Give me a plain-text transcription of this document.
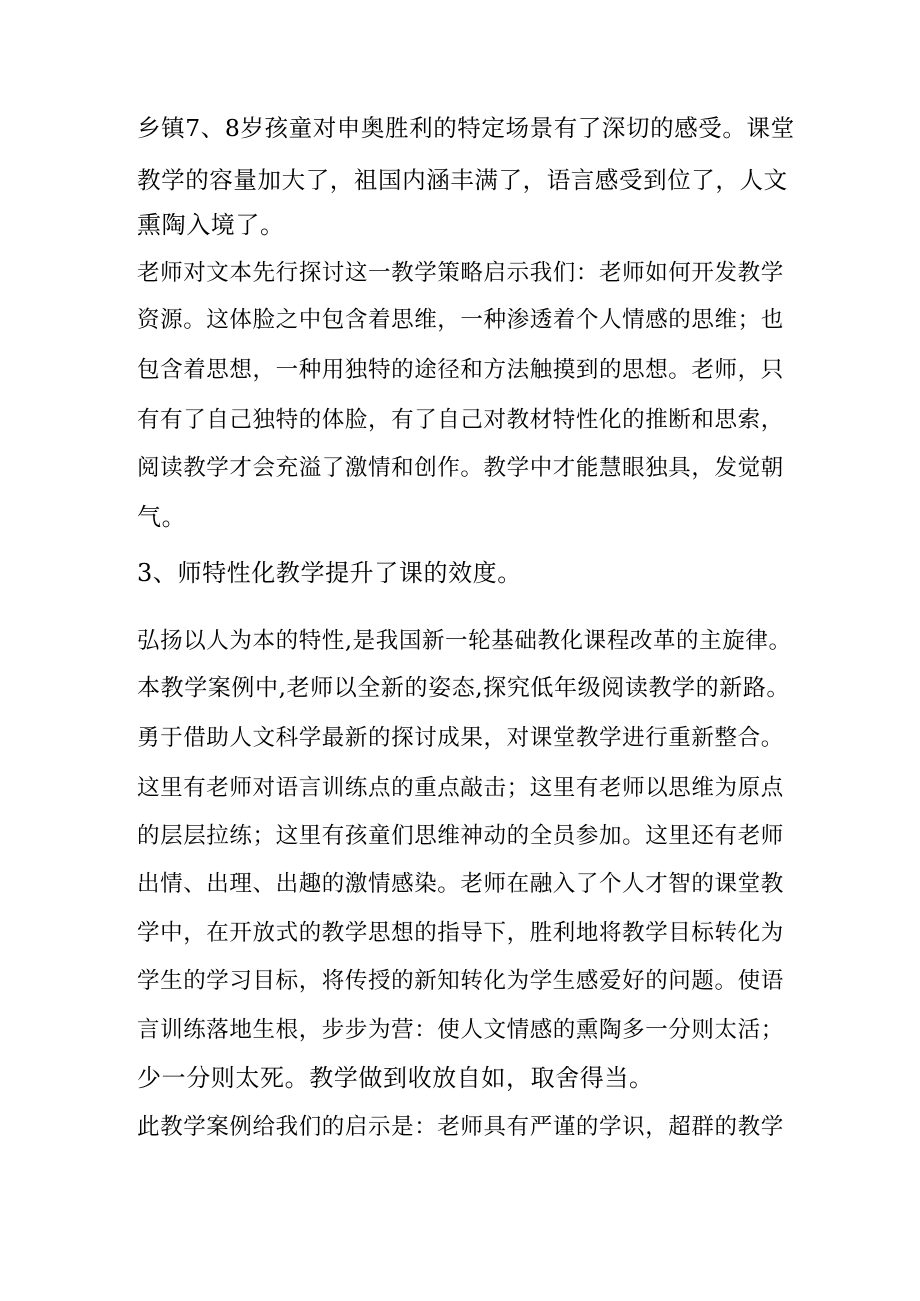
乡镇7、8岁孩童对申奥胜利的特定场景有了深切的感受。课堂
教学的容量加大了，祖国内涵丰满了，语言感受到位了，人文
熏陶入境了。
老师对文本先行探讨这一教学策略启示我们：老师如何开发教学
资源。这体脸之中包含着思维，一种渗透着个人情感的思维；也
包含着思想，一种用独特的途径和方法触摸到的思想。老师，只
有有了自己独特的体脸，有了自己对教材特性化的推断和思索，
阅读教学才会充溢了激情和创作。教学中才能慧眼独具，发觉朝
气。
3、师特性化教学提升了课的效度。
弘扬以人为本的特性,是我国新一轮基础教化课程改革的主旋律。
本教学案例中,老师以全新的姿态,探究低年级阅读教学的新路。
勇于借助人文科学最新的探讨成果，对课堂教学进行重新整合。
这里有老师对语言训练点的重点敲击；这里有老师以思维为原点
的层层拉练；这里有孩童们思维神动的全员参加。这里还有老师
出情、出理、出趣的激情感染。老师在融入了个人才智的课堂教
学中，在开放式的教学思想的指导下，胜利地将教学目标转化为
学生的学习目标，将传授的新知转化为学生感爱好的问题。使语
言训练落地生根，步步为营：使人文情感的熏陶多一分则太活；
少一分则太死。教学做到收放自如，取舍得当。
此教学案例给我们的启示是：老师具有严谨的学识，超群的教学
